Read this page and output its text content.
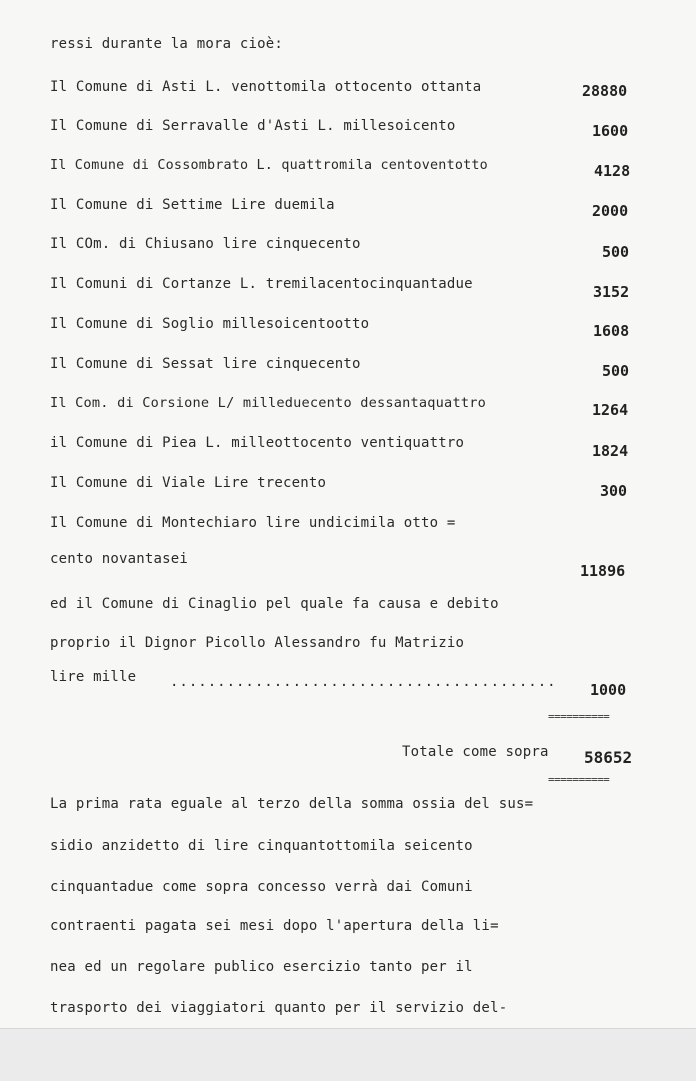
ressi durante la mora cioè:
Il Comune di Asti L. venottomila ottocento ottanta	28880
Il Comune di Serravalle d'Asti L. millesoicento	1600
Il Comune di Cossombrato L. quattromila centoventotto	4128
Il Comune di Settime Lire duemila	2000
Il COm. di Chiusano lire cinquecento	500
Il Comuni di Cortanze L. tremilacentocinquantadue	3152
Il Comune di Soglio millesoicentootto	1608
Il Comune di Sessat lire cinquecento	500
Il Com. di Corsione L/ milleduecento dessantaquattro	1264
il Comune di Piea L. milleottocento ventiquattro	1824
Il Comune di Viale Lire trecento	300
Il Comune di Montechiaro lire undicimila otto =
cento novantasei
11896
ed il Comune di Cinaglio pel quale fa causa e debito
proprio il Dignor Picollo Alessandro fu Matrizio
lire mille .........................................	1000
==========
Totale come sopra 58652
==========
La prima rata eguale al terzo della somma ossia del sus=
sidio anzidetto di lire cinquantottomila seicento
cinquantadue come sopra concesso verrà dai Comuni
contraenti pagata sei mesi dopo l'apertura della li=
nea ed un regolare publico esercizio tanto per il
trasporto dei viaggiatori quanto per il servizio del-
